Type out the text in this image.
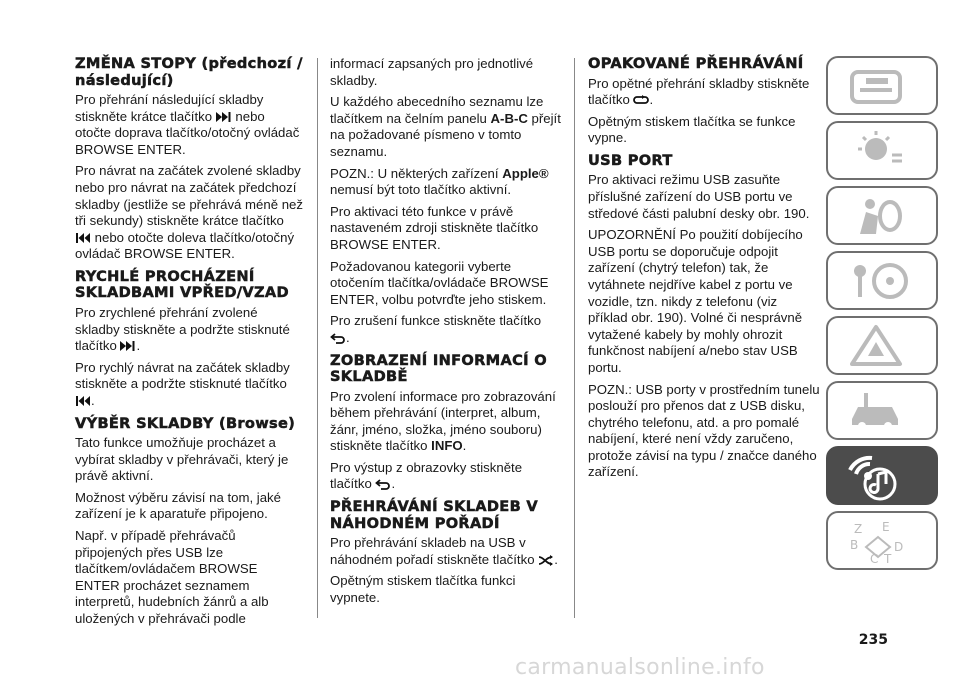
ZMĚNA STOPY (předchozí / následující)

Pro přehrání následující skladby stiskněte krátce tlačítko  nebo otočte doprava tlačítko/otočný ovládač BROWSE ENTER.

Pro návrat na začátek zvolené skladby nebo pro návrat na začátek předchozí skladby (jestliže se přehrává méně než tři sekundy) stiskněte krátce tlačítko  nebo otočte doleva tlačítko/otočný ovládač BROWSE ENTER.

RYCHLÉ PROCHÁZENÍ SKLADBAMI VPŘED/VZAD

Pro zrychlené přehrání zvolené skladby stiskněte a podržte stisknuté tlačítko .

Pro rychlý návrat na začátek skladby stiskněte a podržte stisknuté tlačítko .

VÝBĚR SKLADBY (Browse)

Tato funkce umožňuje procházet a vybírat skladby v přehrávači, který je právě aktivní.

Možnost výběru závisí na tom, jaké zařízení je k aparatuře připojeno.

Např. v případě přehrávačů připojených přes USB lze tlačítkem/ovládačem BROWSE ENTER procházet seznamem interpretů, hudebních žánrů a alb uložených v přehrávači podle

informací zapsaných pro jednotlivé skladby.

U každého abecedního seznamu lze tlačítkem na čelním panelu A-B-C přejít na požadované písmeno v tomto seznamu.

POZN.: U některých zařízení Apple® nemusí být toto tlačítko aktivní.

Pro aktivaci této funkce v právě nastaveném zdroji stiskněte tlačítko BROWSE ENTER.

Požadovanou kategorii vyberte otočením tlačítka/ovládače BROWSE ENTER, volbu potvrďte jeho stiskem.

Pro zrušení funkce stiskněte tlačítko
.

ZOBRAZENÍ INFORMACÍ O SKLADBĚ

Pro zvolení informace pro zobrazování během přehrávání (interpret, album, žánr, jméno, složka, jméno souboru) stiskněte tlačítko INFO.

Pro výstup z obrazovky stiskněte tlačítko .

PŘEHRÁVÁNÍ SKLADEB V NÁHODNÉM POŘADÍ

Pro přehrávání skladeb na USB v náhodném pořadí stiskněte tlačítko .

Opětným stiskem tlačítka funkci vypnete.

OPAKOVANÉ PŘEHRÁVÁNÍ

Pro opětné přehrání skladby stiskněte tlačítko .

Opětným stiskem tlačítka se funkce vypne.

USB PORT

Pro aktivaci režimu USB zasuňte příslušné zařízení do USB portu ve středové části palubní desky obr. 190.

UPOZORNĚNÍ Po použití dobíjecího USB portu se doporučuje odpojit zařízení (chytrý telefon) tak, že vytáhnete nejdříve kabel z portu ve vozidle, tzn. nikdy z telefonu (viz příklad obr. 190). Volné či nesprávně vytažené kabely by mohly ohrozit funkčnost nabíjení a/nebo stav USB portu.

POZN.: USB porty v prostředním tunelu poslouží pro přenos dat z USB disku, chytrého telefonu, atd. a pro pomalé nabíjení, které není vždy zaručeno, protože závisí na typu / značce daného zařízení.

Z E
B
C T
D
235
carmanualsonline.info
